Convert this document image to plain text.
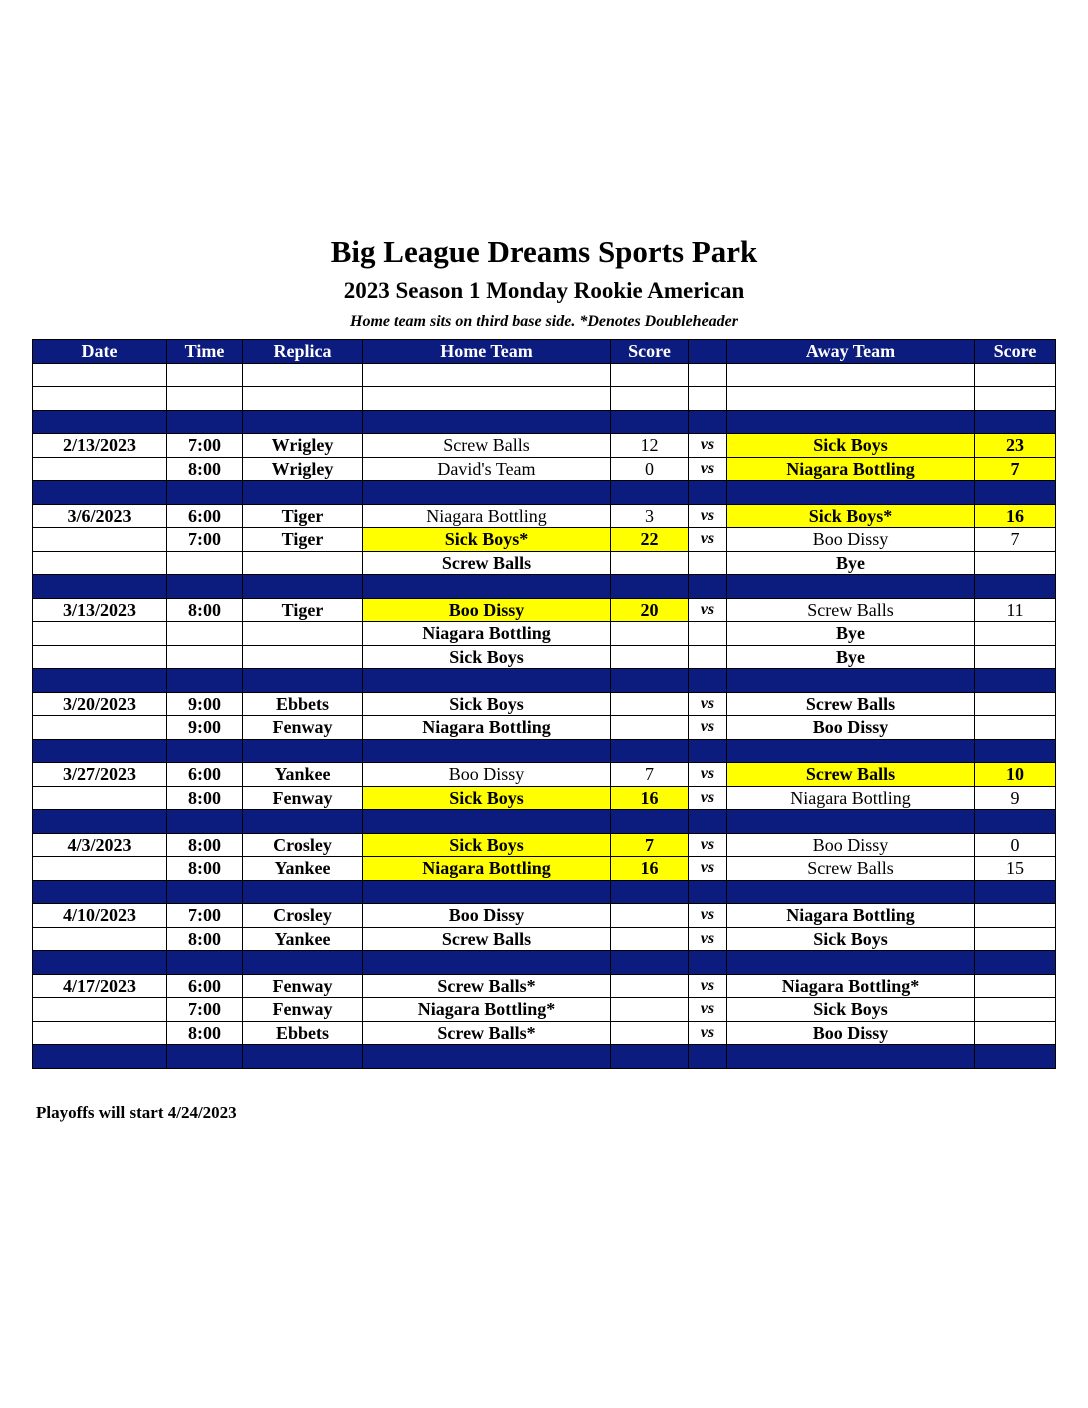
Big League Dreams Sports Park
2023 Season 1 Monday Rookie American
Home team sits on third base side. *Denotes Doubleheader
Date	Time	Replica	Home Team	Score		Away Team	Score

2/13/2023	7:00	Wrigley	Screw Balls	12	vs	Sick Boys	23
	8:00	Wrigley	David's Team	0	vs	Niagara Bottling	7

3/6/2023	6:00	Tiger	Niagara Bottling	3	vs	Sick Boys*	16
	7:00	Tiger	Sick Boys*	22	vs	Boo Dissy	7
			Screw Balls			Bye	

3/13/2023	8:00	Tiger	Boo Dissy	20	vs	Screw Balls	11
			Niagara Bottling			Bye	
			Sick Boys			Bye	

3/20/2023	9:00	Ebbets	Sick Boys		vs	Screw Balls	
	9:00	Fenway	Niagara Bottling		vs	Boo Dissy	

3/27/2023	6:00	Yankee	Boo Dissy	7	vs	Screw Balls	10
	8:00	Fenway	Sick Boys	16	vs	Niagara Bottling	9

4/3/2023	8:00	Crosley	Sick Boys	7	vs	Boo Dissy	0
	8:00	Yankee	Niagara Bottling	16	vs	Screw Balls	15

4/10/2023	7:00	Crosley	Boo Dissy		vs	Niagara Bottling	
	8:00	Yankee	Screw Balls		vs	Sick Boys	

4/17/2023	6:00	Fenway	Screw Balls*		vs	Niagara Bottling*	
	7:00	Fenway	Niagara Bottling*		vs	Sick Boys	
	8:00	Ebbets	Screw Balls*		vs	Boo Dissy	

Playoffs will start 4/24/2023
